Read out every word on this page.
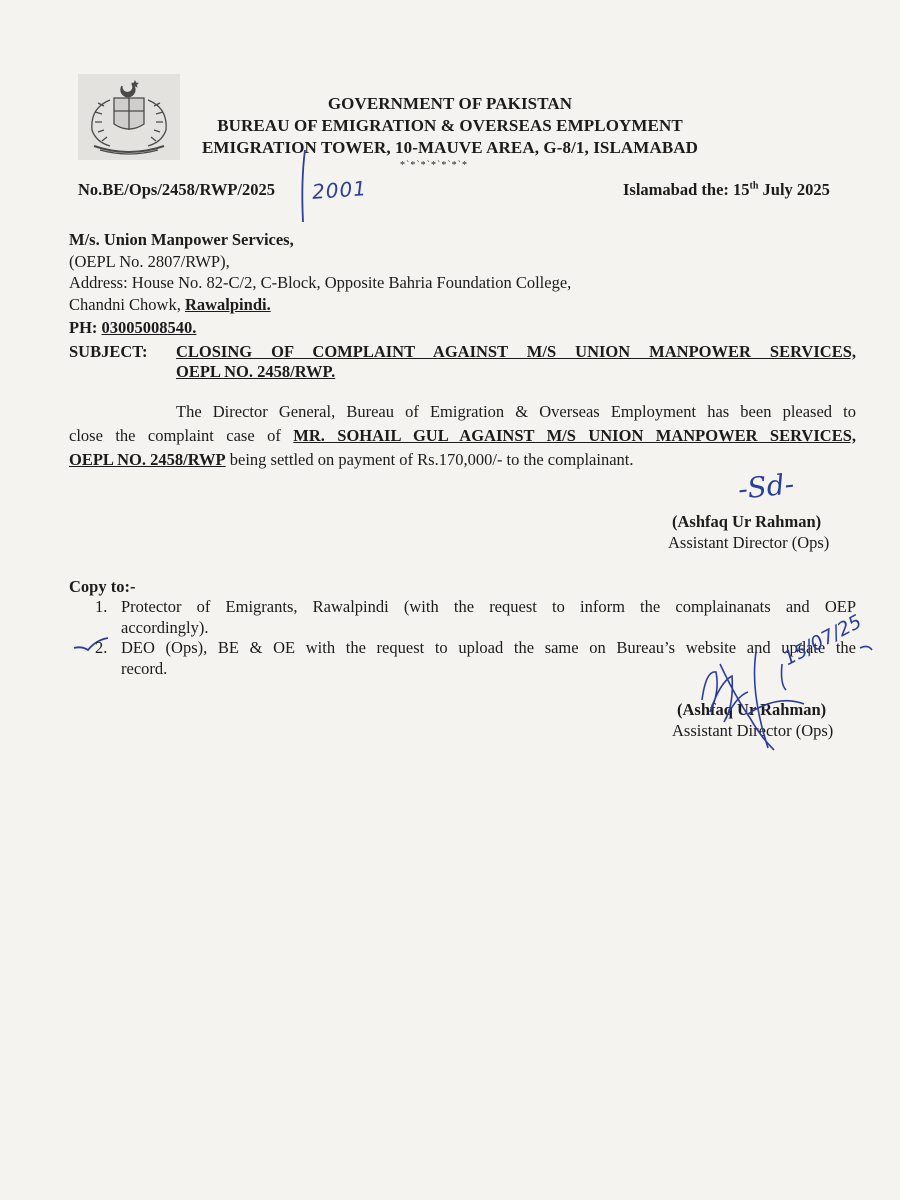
GOVERNMENT OF PAKISTAN
BUREAU OF EMIGRATION & OVERSEAS EMPLOYMENT
EMIGRATION TOWER, 10-MAUVE AREA, G-8/1, ISLAMABAD
*`*`*`*`*`*`*
No.BE/Ops/2458/RWP/2025 2001	Islamabad the: 15th July 2025
M/s. Union Manpower Services,
(OEPL No. 2807/RWP),
Address: House No. 82-C/2, C-Block, Opposite Bahria Foundation College,
Chandni Chowk, Rawalpindi.
PH: 03005008540.
SUBJECT: CLOSING OF COMPLAINT AGAINST M/S UNION MANPOWER SERVICES,
OEPL NO. 2458/RWP.
The Director General, Bureau of Emigration & Overseas Employment has been pleased to
close the complaint case of MR. SOHAIL GUL AGAINST M/S UNION MANPOWER SERVICES,
OEPL NO. 2458/RWP being settled on payment of Rs.170,000/- to the complainant.
-Sd-
(Ashfaq Ur Rahman)
Assistant Director (Ops)
Copy to:-
1. Protector of Emigrants, Rawalpindi (with the request to inform the complainanats and OEP
accordingly).
2. DEO (Ops), BE & OE with the request to upload the same on Bureau’s website and update the
record.
(Ashfaq Ur Rahman)
Assistant Director (Ops)
15/07/25
